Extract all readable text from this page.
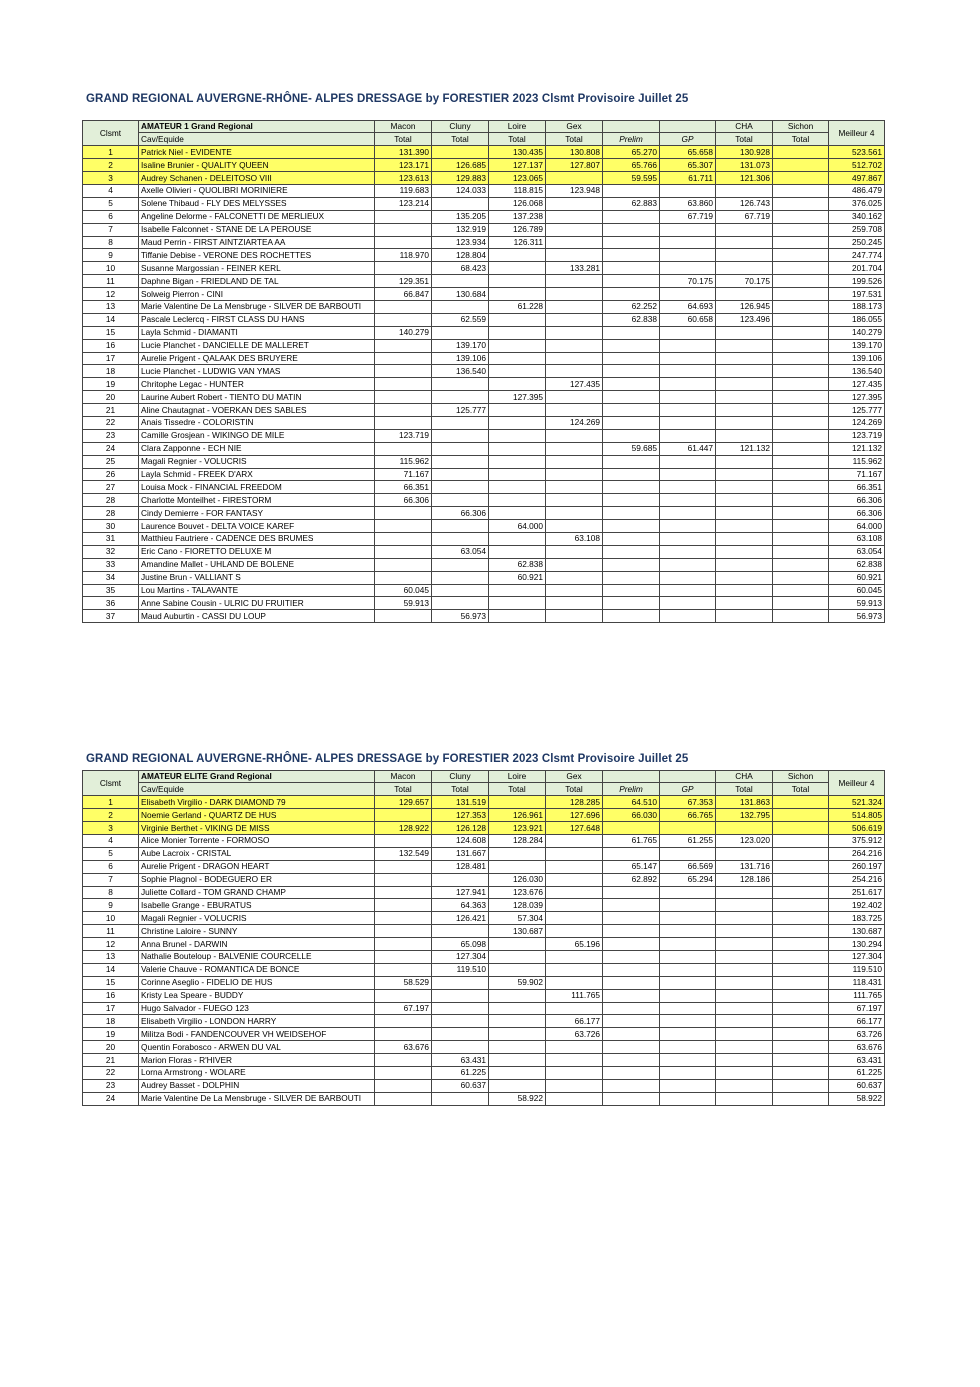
GRAND REGIONAL AUVERGNE-RHÔNE- ALPES DRESSAGE by FORESTIER 2023 Clsmt Provisoire Juillet 25
Clsmt	AMATEUR 1 Grand Regional	Macon	Cluny	Loire	Gex			CHA	Sichon	Meilleur 4
	Cav/Equide	Total	Total	Total	Total	Prelim	GP	Total	Total	
1	Patrick Niel - EVIDENTE	131.390		130.435	130.808	65.270	65.658	130.928		523.561
2	Isaline Brunier - QUALITY QUEEN	123.171	126.685	127.137	127.807	65.766	65.307	131.073		512.702
3	Audrey Schanen - DELEITOSO VIII	123.613	129.883	123.065		59.595	61.711	121.306		497.867
4	Axelle Olivieri - QUOLIBRI MORINIERE	119.683	124.033	118.815	123.948					486.479
5	Solene Thibaud - FLY DES MELYSSES	123.214		126.068		62.883	63.860	126.743		376.025
6	Angeline Delorme - FALCONETTI DE MERLIEUX		135.205	137.238			67.719	67.719		340.162
7	Isabelle Falconnet - STANE DE LA PEROUSE		132.919	126.789						259.708
8	Maud Perrin - FIRST AINTZIARTEA AA		123.934	126.311						250.245
9	Tiffanie Debise - VERONE DES ROCHETTES	118.970	128.804							247.774
10	Susanne Margossian - FEINER KERL		68.423		133.281					201.704
11	Daphne Bigan - FRIEDLAND DE TAL	129.351					70.175	70.175		199.526
12	Solweig Pierron - CINI	66.847	130.684							197.531
13	Marie Valentine De La Mensbruge - SILVER DE BARBOUTI			61.228		62.252	64.693	126.945		188.173
14	Pascale Leclercq - FIRST CLASS DU HANS		62.559			62.838	60.658	123.496		186.055
15	Layla Schmid - DIAMANTI	140.279								140.279
16	Lucie Planchet - DANCIELLE DE MALLERET		139.170							139.170
17	Aurelie Prigent - QALAAK DES BRUYERE		139.106							139.106
18	Lucie Planchet - LUDWIG VAN YMAS		136.540							136.540
19	Chritophe Legac - HUNTER				127.435					127.435
20	Laurine Aubert Robert - TIENTO DU MATIN			127.395						127.395
21	Aline Chautagnat - VOERKAN DES SABLES		125.777							125.777
22	Anais Tissedre - COLORISTIN				124.269					124.269
23	Camille Grosjean - WIKINGO DE MILE	123.719								123.719
24	Clara Zapponne - ECH NIE					59.685	61.447	121.132		121.132
25	Magali Regnier - VOLUCRIS	115.962								115.962
26	Layla Schmid - FREEK D'ARX	71.167								71.167
27	Louisa Mock - FINANCIAL FREEDOM	66.351								66.351
28	Charlotte Monteilhet - FIRESTORM	66.306								66.306
28	Cindy Demierre - FOR FANTASY		66.306							66.306
30	Laurence Bouvet - DELTA VOICE KAREF			64.000						64.000
31	Matthieu Fautriere - CADENCE DES BRUMES				63.108					63.108
32	Eric Cano - FIORETTO DELUXE M		63.054							63.054
33	Amandine Mallet - UHLAND DE BOLENE			62.838						62.838
34	Justine Brun - VALLIANT S			60.921						60.921
35	Lou Martins - TALAVANTE	60.045								60.045
36	Anne Sabine Cousin - ULRIC DU FRUITIER	59.913								59.913
37	Maud Auburtin - CASSI DU LOUP		56.973							56.973
GRAND REGIONAL AUVERGNE-RHÔNE- ALPES DRESSAGE by FORESTIER 2023 Clsmt Provisoire Juillet 25
Clsmt	AMATEUR ELITE Grand Regional	Macon	Cluny	Loire	Gex			CHA	Sichon	Meilleur 4
	Cav/Equide	Total	Total	Total	Total	Prelim	GP	Total	Total	
1	Elisabeth Virgilio - DARK DIAMOND 79	129.657	131.519		128.285	64.510	67.353	131.863		521.324
2	Noemie Gerland - QUARTZ DE HUS		127.353	126.961	127.696	66.030	66.765	132.795		514.805
3	Virginie Berthet - VIKING DE MISS	128.922	126.128	123.921	127.648					506.619
4	Alice Monier Torrente - FORMOSO		124.608	128.284		61.765	61.255	123.020		375.912
5	Aube Lacroix - CRISTAL	132.549	131.667							264.216
6	Aurelie Prigent - DRAGON HEART		128.481			65.147	66.569	131.716		260.197
7	Sophie Plagnol - BODEGUERO ER			126.030		62.892	65.294	128.186		254.216
8	Juliette Collard - TOM GRAND CHAMP		127.941	123.676						251.617
9	Isabelle Grange - EBURATUS		64.363	128.039						192.402
10	Magali Regnier - VOLUCRIS		126.421	57.304						183.725
11	Christine Laloire - SUNNY			130.687						130.687
12	Anna Brunel - DARWIN		65.098		65.196					130.294
13	Nathalie Bouteloup - BALVENIE COURCELLE		127.304							127.304
14	Valerie Chauve - ROMANTICA DE BONCE		119.510							119.510
15	Corinne Aseglio - FIDELIO DE HUS	58.529		59.902						118.431
16	Kristy Lea Speare - BUDDY				111.765					111.765
17	Hugo Salvador - FUEGO 123	67.197								67.197
18	Elisabeth Virgilio - LONDON HARRY				66.177					66.177
19	Militza Bodi - FANDENCOUVER VH WEIDSEHOF				63.726					63.726
20	Quentin Forabosco - ARWEN DU VAL	63.676								63.676
21	Marion Floras - R'HIVER		63.431							63.431
22	Lorna Armstrong - WOLARE		61.225							61.225
23	Audrey Basset - DOLPHIN		60.637							60.637
24	Marie Valentine De La Mensbruge - SILVER DE BARBOUTI			58.922						58.922
